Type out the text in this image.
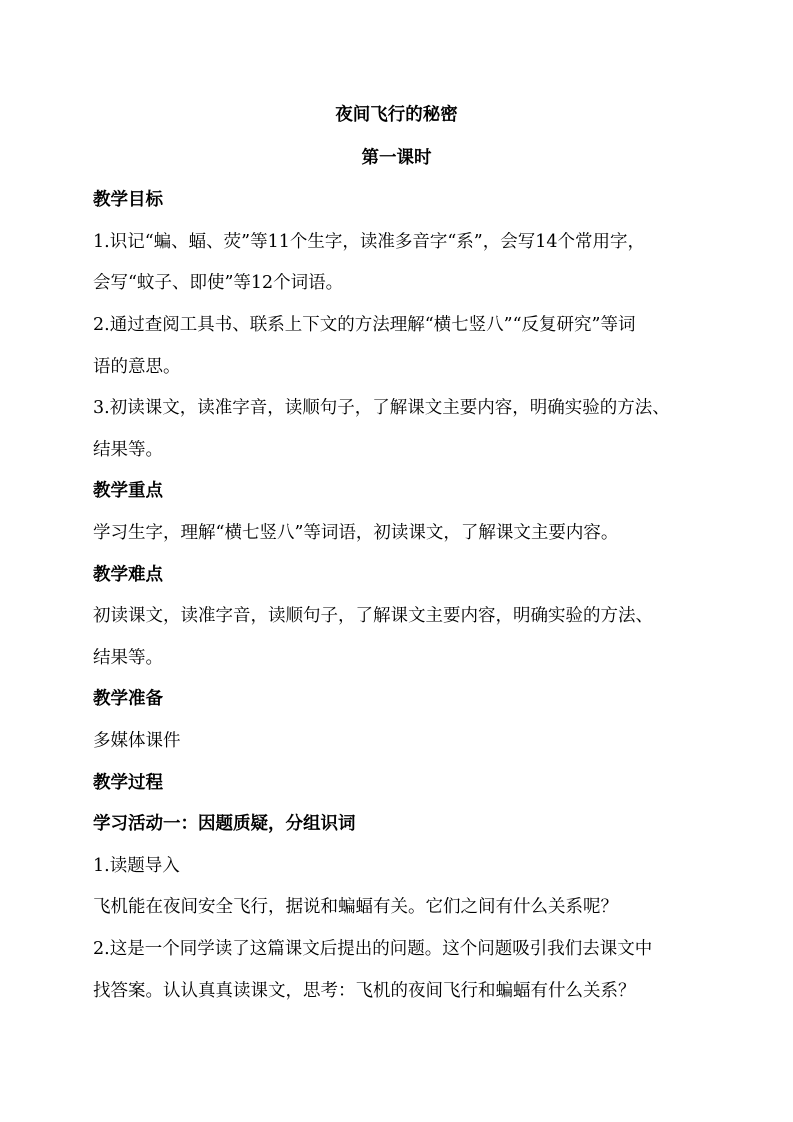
夜间飞行的秘密
第一课时
教学目标
1.识记“蝙、蝠、荧”等11个生字，读准多音字“系”，会写14个常用字，
会写“蚊子、即使”等12个词语。
2.通过查阅工具书、联系上下文的方法理解“横七竖八”“反复研究”等词
语的意思。
3.初读课文，读准字音，读顺句子，了解课文主要内容，明确实验的方法、
结果等。
教学重点
学习生字，理解“横七竖八”等词语，初读课文，了解课文主要内容。
教学难点
初读课文，读准字音，读顺句子，了解课文主要内容，明确实验的方法、
结果等。
教学准备
多媒体课件
教学过程
学习活动一：因题质疑，分组识词
1.读题导入
飞机能在夜间安全飞行，据说和蝙蝠有关。它们之间有什么关系呢？
2.这是一个同学读了这篇课文后提出的问题。这个问题吸引我们去课文中
找答案。认认真真读课文，思考：飞机的夜间飞行和蝙蝠有什么关系？
